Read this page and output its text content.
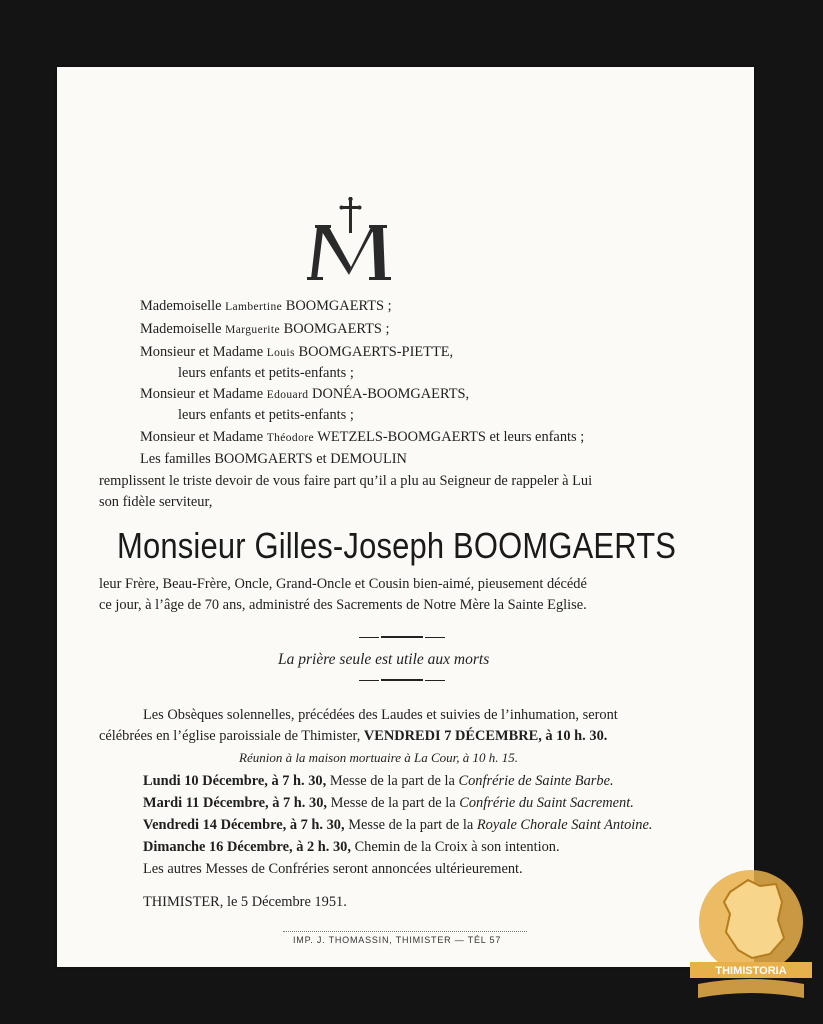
Mademoiselle Lambertine BOOMGAERTS ;
Mademoiselle Marguerite BOOMGAERTS ;
Monsieur et Madame Louis BOOMGAERTS-PIETTE,
leurs enfants et petits-enfants ;
Monsieur et Madame Edouard DONÉA-BOOMGAERTS,
leurs enfants et petits-enfants ;
Monsieur et Madame Théodore WETZELS-BOOMGAERTS et leurs enfants ;
Les familles BOOMGAERTS et DEMOULIN
remplissent le triste devoir de vous faire part qu’il a plu au Seigneur de rappeler à Lui
son fidèle serviteur,
Monsieur Gilles-Joseph BOOMGAERTS
leur Frère, Beau-Frère, Oncle, Grand-Oncle et Cousin bien-aimé, pieusement décédé
ce jour, à l’âge de 70 ans, administré des Sacrements de Notre Mère la Sainte Eglise.
La prière seule est utile aux morts
Les Obsèques solennelles, précédées des Laudes et suivies de l’inhumation, seront
célébrées en l’église paroissiale de Thimister, VENDREDI 7 DÉCEMBRE, à 10 h. 30.
Réunion à la maison mortuaire à La Cour, à 10 h. 15.
Lundi 10 Décembre, à 7 h. 30, Messe de la part de la Confrérie de Sainte Barbe.
Mardi 11 Décembre, à 7 h. 30, Messe de la part de la Confrérie du Saint Sacrement.
Vendredi 14 Décembre, à 7 h. 30, Messe de la part de la Royale Chorale Saint Antoine.
Dimanche 16 Décembre, à 2 h. 30, Chemin de la Croix à son intention.
Les autres Messes de Confréries seront annoncées ultérieurement.
THIMISTER, le 5 Décembre 1951.
IMP. J. THOMASSIN, THIMISTER — TÉL 57
THIMISTORIA
